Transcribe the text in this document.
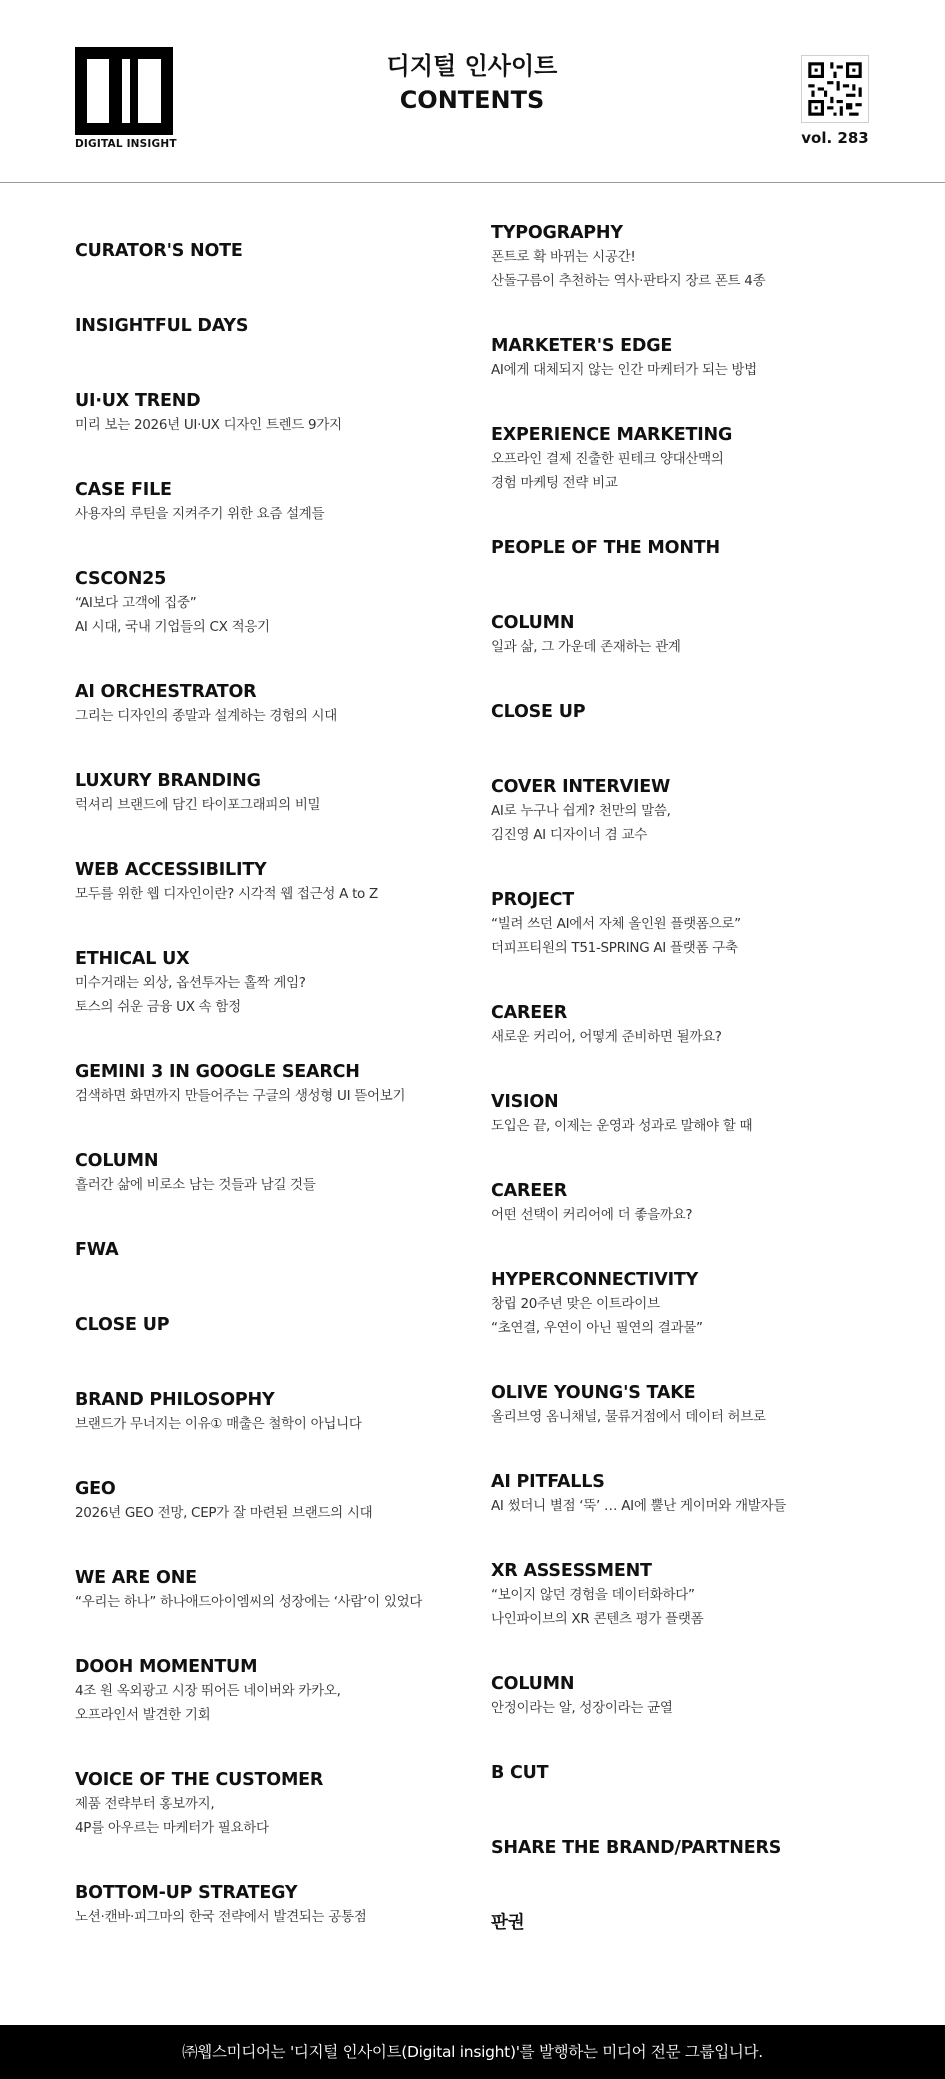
DIGITAL INSIGHT
디지털 인사이트
CONTENTS
vol. 283
CURATOR'S NOTE
INSIGHTFUL DAYS
UI·UX TREND
미리 보는 2026년 UI·UX 디자인 트렌드 9가지
CASE FILE
사용자의 루틴을 지켜주기 위한 요즘 설계들
CSCON25
“AI보다 고객에 집중”
AI 시대, 국내 기업들의 CX 적응기
AI ORCHESTRATOR
그리는 디자인의 종말과 설계하는 경험의 시대
LUXURY BRANDING
럭셔리 브랜드에 담긴 타이포그래피의 비밀
WEB ACCESSIBILITY
모두를 위한 웹 디자인이란? 시각적 웹 접근성 A to Z
ETHICAL UX
미수거래는 외상, 옵션투자는 홀짝 게임?
토스의 쉬운 금융 UX 속 함정
GEMINI 3 IN GOOGLE SEARCH
검색하면 화면까지 만들어주는 구글의 생성형 UI 뜯어보기
COLUMN
흘러간 삶에 비로소 남는 것들과 남길 것들
FWA
CLOSE UP
BRAND PHILOSOPHY
브랜드가 무너지는 이유① 매출은 철학이 아닙니다
GEO
2026년 GEO 전망, CEP가 잘 마련된 브랜드의 시대
WE ARE ONE
“우리는 하나” 하나애드아이엠씨의 성장에는 ‘사람’이 있었다
DOOH MOMENTUM
4조 원 옥외광고 시장 뛰어든 네이버와 카카오,
오프라인서 발견한 기회
VOICE OF THE CUSTOMER
제품 전략부터 홍보까지,
4P를 아우르는 마케터가 필요하다
BOTTOM-UP STRATEGY
노션·캔바·피그마의 한국 전략에서 발견되는 공통점
TYPOGRAPHY
폰트로 확 바뀌는 시공간!
산돌구름이 추천하는 역사·판타지 장르 폰트 4종
MARKETER'S EDGE
AI에게 대체되지 않는 인간 마케터가 되는 방법
EXPERIENCE MARKETING
오프라인 결제 진출한 핀테크 양대산맥의
경험 마케팅 전략 비교
PEOPLE OF THE MONTH
COLUMN
일과 삶, 그 가운데 존재하는 관계
CLOSE UP
COVER INTERVIEW
AI로 누구나 쉽게? 천만의 말씀,
김진영 AI 디자이너 겸 교수
PROJECT
“빌려 쓰던 AI에서 자체 올인원 플랫폼으로”
더피프티원의 T51-SPRING AI 플랫폼 구축
CAREER
새로운 커리어, 어떻게 준비하면 될까요?
VISION
도입은 끝, 이제는 운영과 성과로 말해야 할 때
CAREER
어떤 선택이 커리어에 더 좋을까요?
HYPERCONNECTIVITY
창립 20주년 맞은 이트라이브
“초연결, 우연이 아닌 필연의 결과물”
OLIVE YOUNG'S TAKE
올리브영 옴니채널, 물류거점에서 데이터 허브로
AI PITFALLS
AI 썼더니 별점 ‘뚝’ … AI에 뿔난 게이머와 개발자들
XR ASSESSMENT
“보이지 않던 경험을 데이터화하다”
나인파이브의 XR 콘텐츠 평가 플랫폼
COLUMN
안정이라는 알, 성장이라는 균열
B CUT
SHARE THE BRAND/PARTNERS
판권
㈜웹스미디어는 '디지털 인사이트(Digital insight)'를 발행하는 미디어 전문 그룹입니다.
